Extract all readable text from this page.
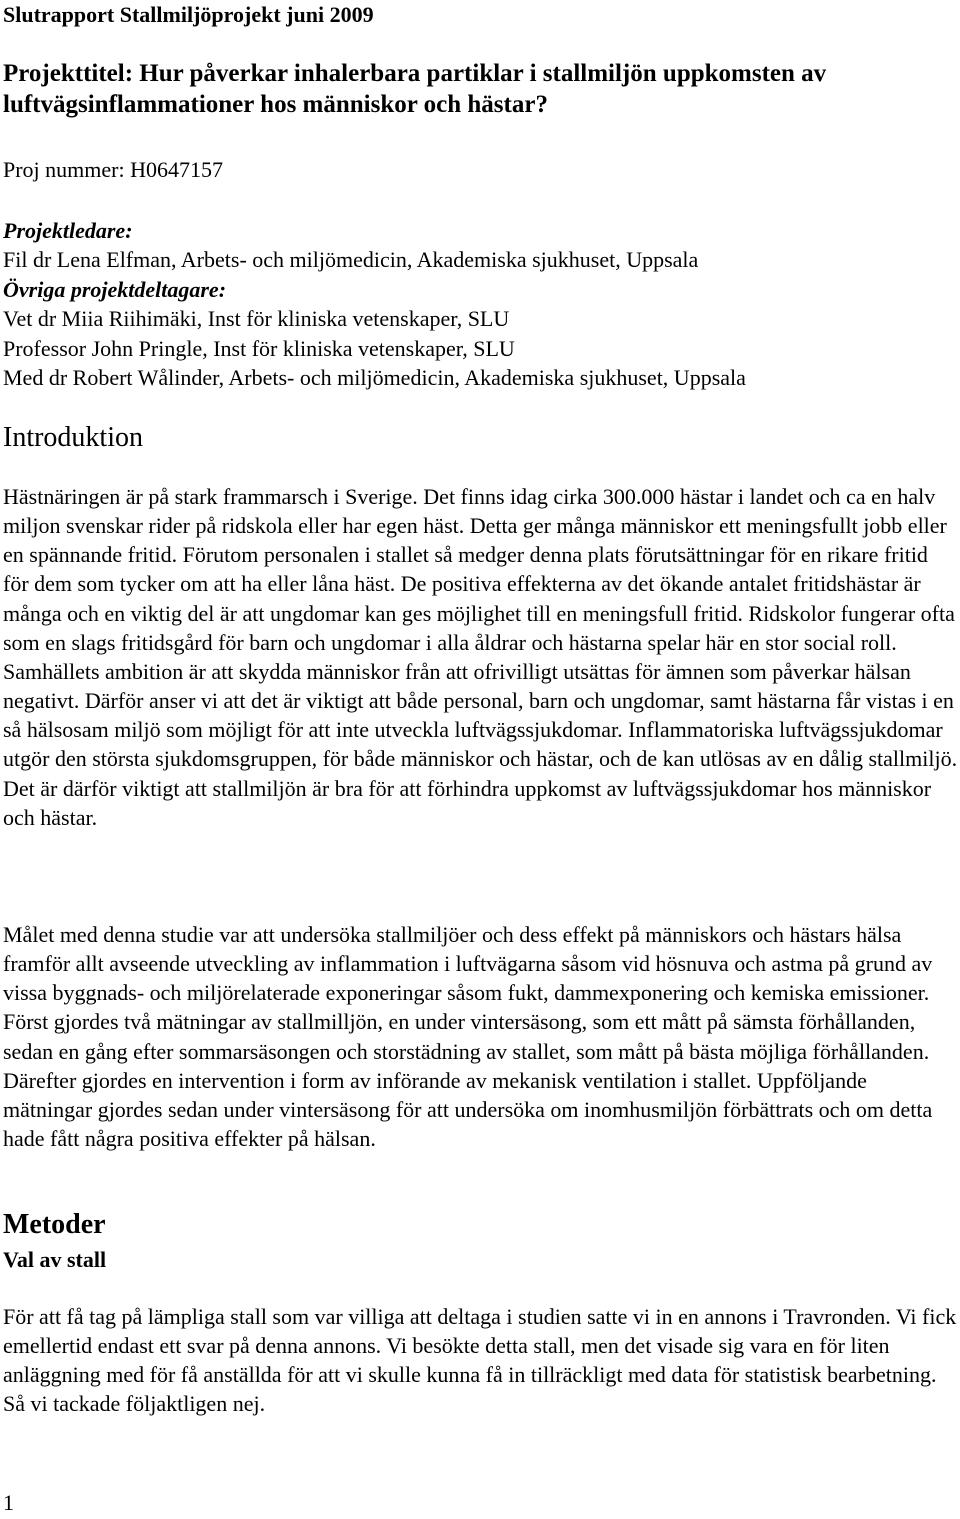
Slutrapport Stallmiljöprojekt juni 2009
Projekttitel: Hur påverkar inhalerbara partiklar i stallmiljön uppkomsten av luftvägsinflammationer hos människor och hästar?
Proj nummer: H0647157
Projektledare:
Fil dr Lena Elfman, Arbets- och miljömedicin, Akademiska sjukhuset, Uppsala
Övriga projektdeltagare:
Vet dr Miia Riihimäki, Inst för kliniska vetenskaper, SLU
Professor John Pringle, Inst för kliniska vetenskaper, SLU
Med dr Robert Wålinder, Arbets- och miljömedicin, Akademiska sjukhuset, Uppsala
Introduktion

Hästnäringen är på stark frammarsch i Sverige. Det finns idag cirka 300.000 hästar i landet och ca en halv miljon svenskar rider på ridskola eller har egen häst. Detta ger många människor ett meningsfullt jobb eller en spännande fritid. Förutom personalen i stallet så medger denna plats förutsättningar för en rikare fritid för dem som tycker om att ha eller låna häst. De positiva effekterna av det ökande antalet fritidshästar är många och en viktig del är att ungdomar kan ges möjlighet till en meningsfull fritid. Ridskolor fungerar ofta som en slags fritidsgård för barn och ungdomar i alla åldrar och hästarna spelar här en stor social roll. Samhällets ambition är att skydda människor från att ofrivilligt utsättas för ämnen som påverkar hälsan negativt. Därför anser vi att det är viktigt att både personal, barn och ungdomar, samt hästarna får vistas i en så hälsosam miljö som möjligt för att inte utveckla luftvägssjukdomar. Inflammatoriska luftvägssjukdomar utgör den största sjukdomsgruppen, för både människor och hästar, och de kan utlösas av en dålig stallmiljö. Det är därför viktigt att stallmiljön är bra för att förhindra uppkomst av luftvägssjukdomar hos människor och hästar.

Målet med denna studie var att undersöka stallmiljöer och dess effekt på människors och hästars hälsa framför allt avseende utveckling av inflammation i luftvägarna såsom vid hösnuva och astma på grund av vissa byggnads- och miljörelaterade exponeringar såsom fukt, dammexponering och kemiska emissioner. Först gjordes två mätningar av stallmilljön, en under vintersäsong, som ett mått på sämsta förhållanden, sedan en gång efter sommarsäsongen och storstädning av stallet, som mått på bästa möjliga förhållanden. Därefter gjordes en intervention i form av införande av mekanisk ventilation i stallet. Uppföljande mätningar gjordes sedan under vintersäsong för att undersöka om inomhusmiljön förbättrats och om detta hade fått några positiva effekter på hälsan.

Metoder
Val av stall

För att få tag på lämpliga stall som var villiga att deltaga i studien satte vi in en annons i Travronden. Vi fick emellertid endast ett svar på denna annons. Vi besökte detta stall, men det visade sig vara en för liten anläggning med för få anställda för att vi skulle kunna få in tillräckligt med data för statistisk bearbetning. Så vi tackade följaktligen nej.

1
